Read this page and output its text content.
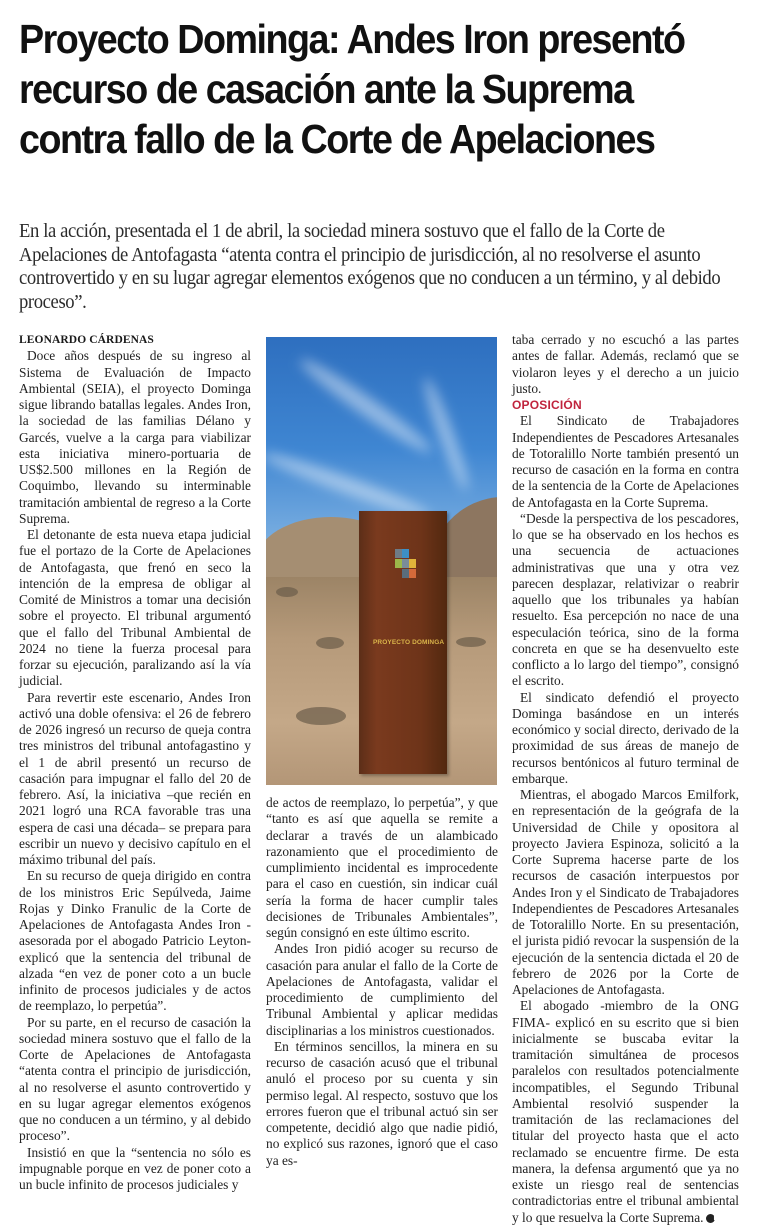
Proyecto Dominga: Andes Iron presentó recurso de casación ante la Suprema contra fallo de la Corte de Apelaciones

En la acción, presentada el 1 de abril, la sociedad minera sostuvo que el fallo de la Corte de Apelaciones de Antofagasta “atenta contra el principio de jurisdicción, al no resolverse el asunto controvertido y en su lugar agregar elementos exógenos que no conducen a un término, y al debido proceso”.

LEONARDO CÁRDENAS

Doce años después de su ingreso al Sistema de Evaluación de Impacto Ambiental (SEIA), el proyecto Dominga sigue librando batallas legales. Andes Iron, la sociedad de las familias Délano y Garcés, vuelve a la carga para viabilizar esta iniciativa minero-portuaria de US$2.500 millones en la Región de Coquimbo, llevando su interminable tramitación ambiental de regreso a la Corte Suprema.

El detonante de esta nueva etapa judicial fue el portazo de la Corte de Apelaciones de Antofagasta, que frenó en seco la intención de la empresa de obligar al Comité de Ministros a tomar una decisión sobre el proyecto. El tribunal argumentó que el fallo del Tribunal Ambiental de 2024 no tiene la fuerza procesal para forzar su ejecución, paralizando así la vía judicial.

Para revertir este escenario, Andes Iron activó una doble ofensiva: el 26 de febrero de 2026 ingresó un recurso de queja contra tres ministros del tribunal antofagastino y el 1 de abril presentó un recurso de casación para impugnar el fallo del 20 de febrero. Así, la iniciativa –que recién en 2021 logró una RCA favorable tras una espera de casi una década– se prepara para escribir un nuevo y decisivo capítulo en el máximo tribunal del país.

En su recurso de queja dirigido en contra de los ministros Eric Sepúlveda, Jaime Rojas y Dinko Franulic de la Corte de Apelaciones de Antofagasta Andes Iron -asesorada por el abogado Patricio Leyton- explicó que la sentencia del tribunal de alzada “en vez de poner coto a un bucle infinito de procesos judiciales y de actos de reemplazo, lo perpetúa”.

Por su parte, en el recurso de casación la sociedad minera sostuvo que el fallo de la Corte de Apelaciones de Antofagasta “atenta contra el principio de jurisdicción, al no resolverse el asunto controvertido y en su lugar agregar elementos exógenos que no conducen a un término, y al debido proceso”.

Insistió en que la “sentencia no sólo es impugnable porque en vez de poner coto a un bucle infinito de procesos judiciales y

PROYECTO DOMINGA

de actos de reemplazo, lo perpetúa”, y que “tanto es así que aquella se remite a declarar a través de un alambicado razonamiento que el procedimiento de cumplimiento incidental es improcedente para el caso en cuestión, sin indicar cuál sería la forma de hacer cumplir tales decisiones de Tribunales Ambientales”, según consignó en este último escrito.

Andes Iron pidió acoger su recurso de casación para anular el fallo de la Corte de Apelaciones de Antofagasta, validar el procedimiento de cumplimiento del Tribunal Ambiental y aplicar medidas disciplinarias a los ministros cuestionados.

En términos sencillos, la minera en su recurso de casación acusó que el tribunal anuló el proceso por su cuenta y sin permiso legal. Al respecto, sostuvo que los errores fueron que el tribunal actuó sin ser competente, decidió algo que nadie pidió, no explicó sus razones, ignoró que el caso ya es-

taba cerrado y no escuchó a las partes antes de fallar. Además, reclamó que se violaron leyes y el derecho a un juicio justo.

OPOSICIÓN

El Sindicato de Trabajadores Independientes de Pescadores Artesanales de Totoralillo Norte también presentó un recurso de casación en la forma en contra de la sentencia de la Corte de Apelaciones de Antofagasta en la Corte Suprema.

“Desde la perspectiva de los pescadores, lo que se ha observado en los hechos es una secuencia de actuaciones administrativas que una y otra vez parecen desplazar, relativizar o reabrir aquello que los tribunales ya habían resuelto. Esa percepción no nace de una especulación teórica, sino de la forma concreta en que se ha desenvuelto este conflicto a lo largo del tiempo”, consignó el escrito.

El sindicato defendió el proyecto Dominga basándose en un interés económico y social directo, derivado de la proximidad de sus áreas de manejo de recursos bentónicos al futuro terminal de embarque.

Mientras, el abogado Marcos Emilfork, en representación de la geógrafa de la Universidad de Chile y opositora al proyecto Javiera Espinoza, solicitó a la Corte Suprema hacerse parte de los recursos de casación interpuestos por Andes Iron y el Sindicato de Trabajadores Independientes de Pescadores Artesanales de Totoralillo Norte. En su presentación, el jurista pidió revocar la suspensión de la ejecución de la sentencia dictada el 20 de febrero de 2026 por la Corte de Apelaciones de Antofagasta.

El abogado -miembro de la ONG FIMA- explicó en su escrito que si bien inicialmente se buscaba evitar la tramitación simultánea de procesos paralelos con resultados potencialmente incompatibles, el Segundo Tribunal Ambiental resolvió suspender la tramitación de las reclamaciones del titular del proyecto hasta que el acto reclamado se encuentre firme. De esta manera, la defensa argumentó que ya no existe un riesgo real de sentencias contradictorias entre el tribunal ambiental y lo que resuelva la Corte Suprema. P
